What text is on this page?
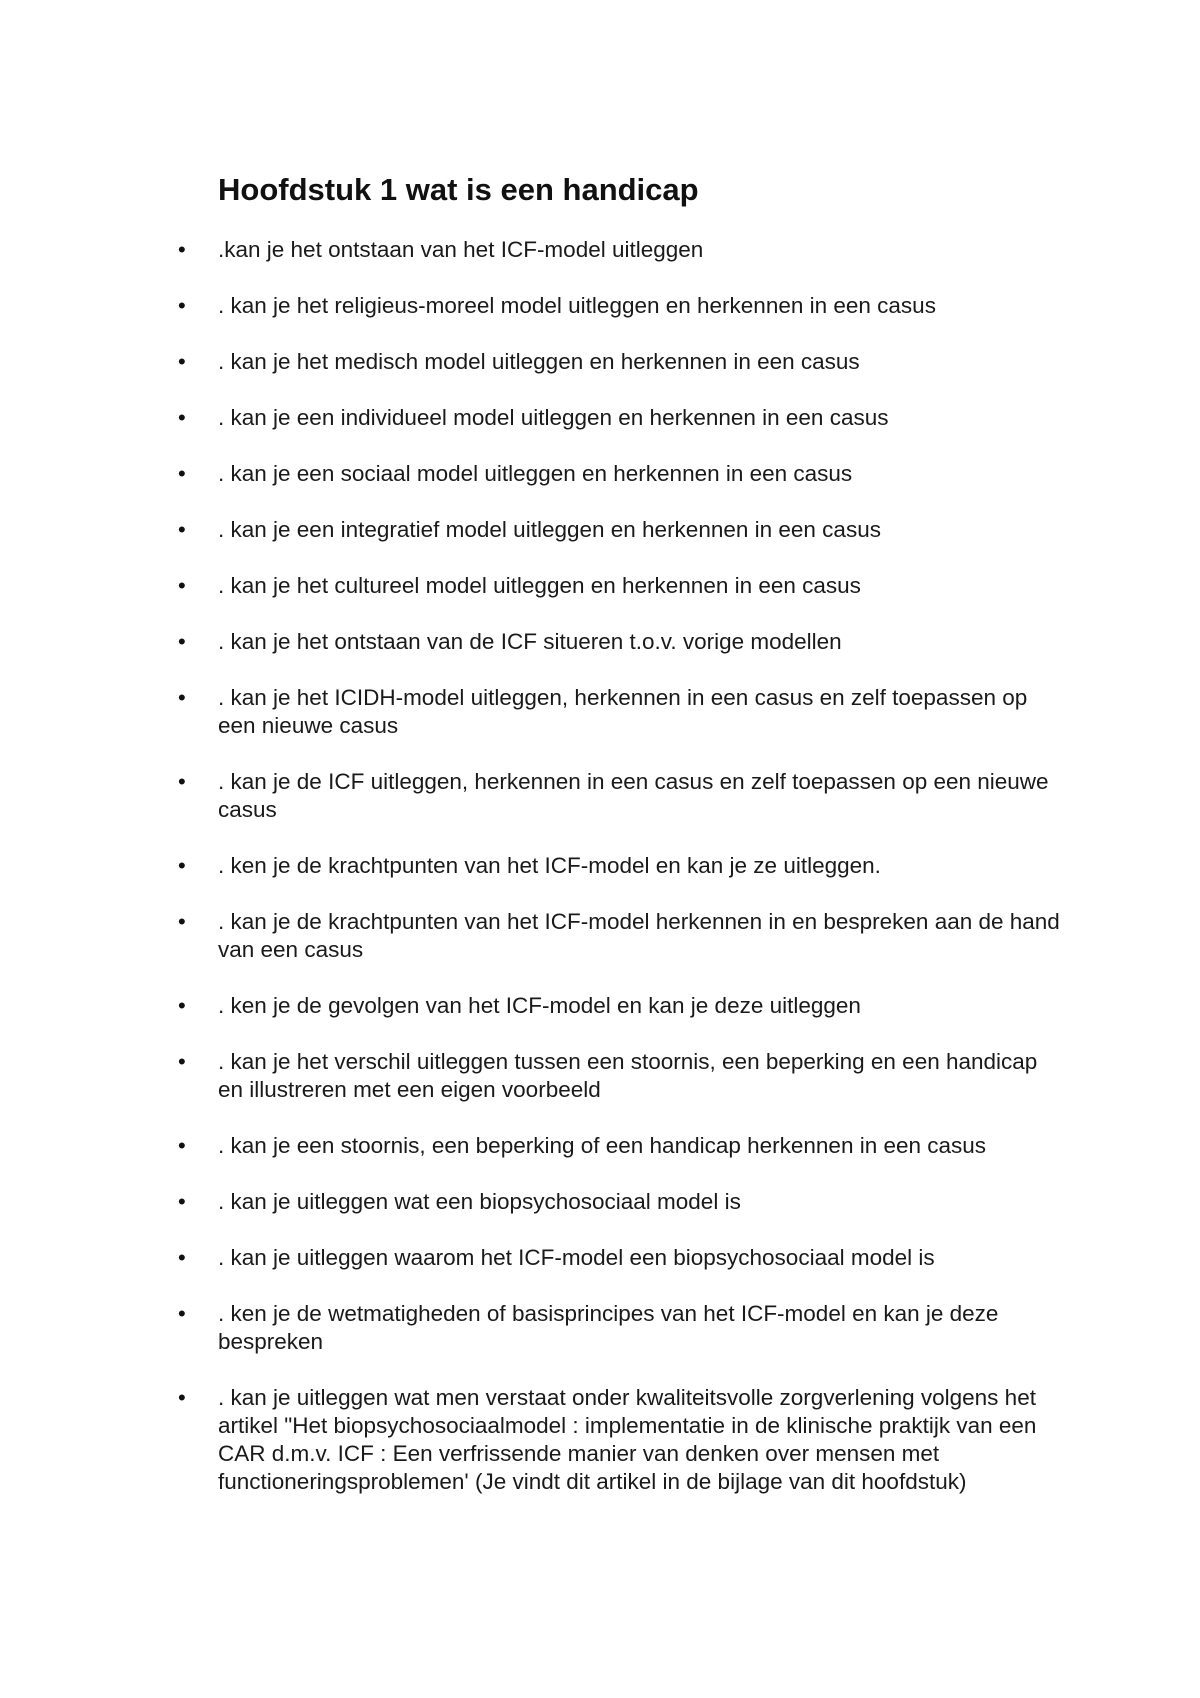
Hoofdstuk 1 wat is een handicap
• .kan je het ontstaan van het ICF-model uitleggen
• . kan je het religieus-moreel model uitleggen en herkennen in een casus
• . kan je het medisch model uitleggen en herkennen in een casus
• . kan je een individueel model uitleggen en herkennen in een casus
• . kan je een sociaal model uitleggen en herkennen in een casus
• . kan je een integratief model uitleggen en herkennen in een casus
• . kan je het cultureel model uitleggen en herkennen in een casus
• . kan je het ontstaan van de ICF situeren t.o.v. vorige modellen
• . kan je het ICIDH-model uitleggen, herkennen in een casus en zelf toepassen op een nieuwe casus
• . kan je de ICF uitleggen, herkennen in een casus en zelf toepassen op een nieuwe casus
• . ken je de krachtpunten van het ICF-model en kan je ze uitleggen.
• . kan je de krachtpunten van het ICF-model herkennen in en bespreken aan de hand van een casus
• . ken je de gevolgen van het ICF-model en kan je deze uitleggen
• . kan je het verschil uitleggen tussen een stoornis, een beperking en een handicap en illustreren met een eigen voorbeeld
• . kan je een stoornis, een beperking of een handicap herkennen in een casus
• . kan je uitleggen wat een biopsychosociaal model is
• . kan je uitleggen waarom het ICF-model een biopsychosociaal model is
• . ken je de wetmatigheden of basisprincipes van het ICF-model en kan je deze bespreken
• . kan je uitleggen wat men verstaat onder kwaliteitsvolle zorgverlening volgens het artikel "Het biopsychosociaalmodel : implementatie in de klinische praktijk van een CAR d.m.v. ICF : Een verfrissende manier van denken over mensen met functioneringsproblemen' (Je vindt dit artikel in de bijlage van dit hoofdstuk)
